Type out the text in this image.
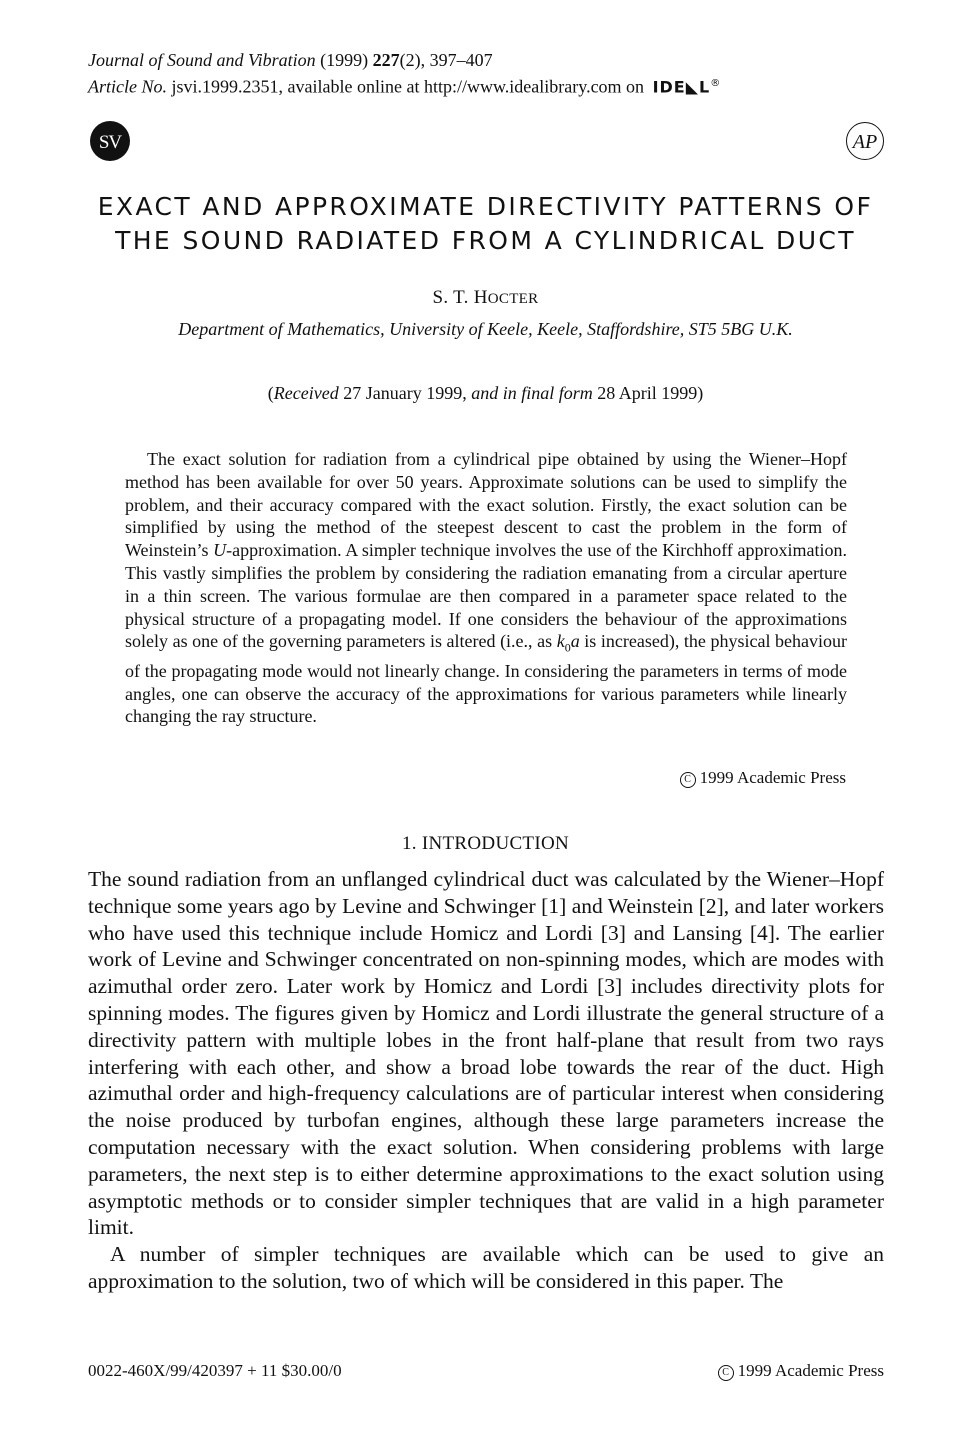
Journal of Sound and Vibration (1999) 227(2), 397–407
Article No. jsvi.1999.2351, available online at http://www.idealibrary.com on IDE◣L®
SV	AP
EXACT AND APPROXIMATE DIRECTIVITY PATTERNS OF
THE SOUND RADIATED FROM A CYLINDRICAL DUCT
S. T. HOCTER
Department of Mathematics, University of Keele, Keele, Staffordshire, ST5 5BG U.K.
(Received 27 January 1999, and in final form 28 April 1999)
The exact solution for radiation from a cylindrical pipe obtained by using the Wiener–Hopf method has been available for over 50 years. Approximate solutions can be used to simplify the problem, and their accuracy compared with the exact solution. Firstly, the exact solution can be simplified by using the method of the steepest descent to cast the problem in the form of Weinstein’s U-approximation. A simpler technique involves the use of the Kirchhoff approximation. This vastly simplifies the problem by considering the radiation emanating from a circular aperture in a thin screen. The various formulae are then compared in a parameter space related to the physical structure of a propagating model. If one considers the behaviour of the approximations solely as one of the governing parameters is altered (i.e., as $k_0a$ is increased), the physical behaviour of the propagating mode would not linearly change. In considering the parameters in terms of mode angles, one can observe the accuracy of the approximations for various parameters while linearly changing the ray structure.
C 1999 Academic Press
1. INTRODUCTION

The sound radiation from an unflanged cylindrical duct was calculated by the Wiener–Hopf technique some years ago by Levine and Schwinger [1] and Weinstein [2], and later workers who have used this technique include Homicz and Lordi [3] and Lansing [4]. The earlier work of Levine and Schwinger concentrated on non-spinning modes, which are modes with azimuthal order zero. Later work by Homicz and Lordi [3] includes directivity plots for spinning modes. The figures given by Homicz and Lordi illustrate the general structure of a directivity pattern with multiple lobes in the front half-plane that result from two rays interfering with each other, and show a broad lobe towards the rear of the duct. High azimuthal order and high-frequency calculations are of particular interest when considering the noise produced by turbofan engines, although these large parameters increase the computation necessary with the exact solution. When considering problems with large parameters, the next step is to either determine approximations to the exact solution using asymptotic methods or to consider simpler techniques that are valid in a high parameter limit.

A number of simpler techniques are available which can be used to give an approximation to the solution, two of which will be considered in this paper. The

0022-460X/99/420397 + 11 $30.00/0	C 1999 Academic Press
